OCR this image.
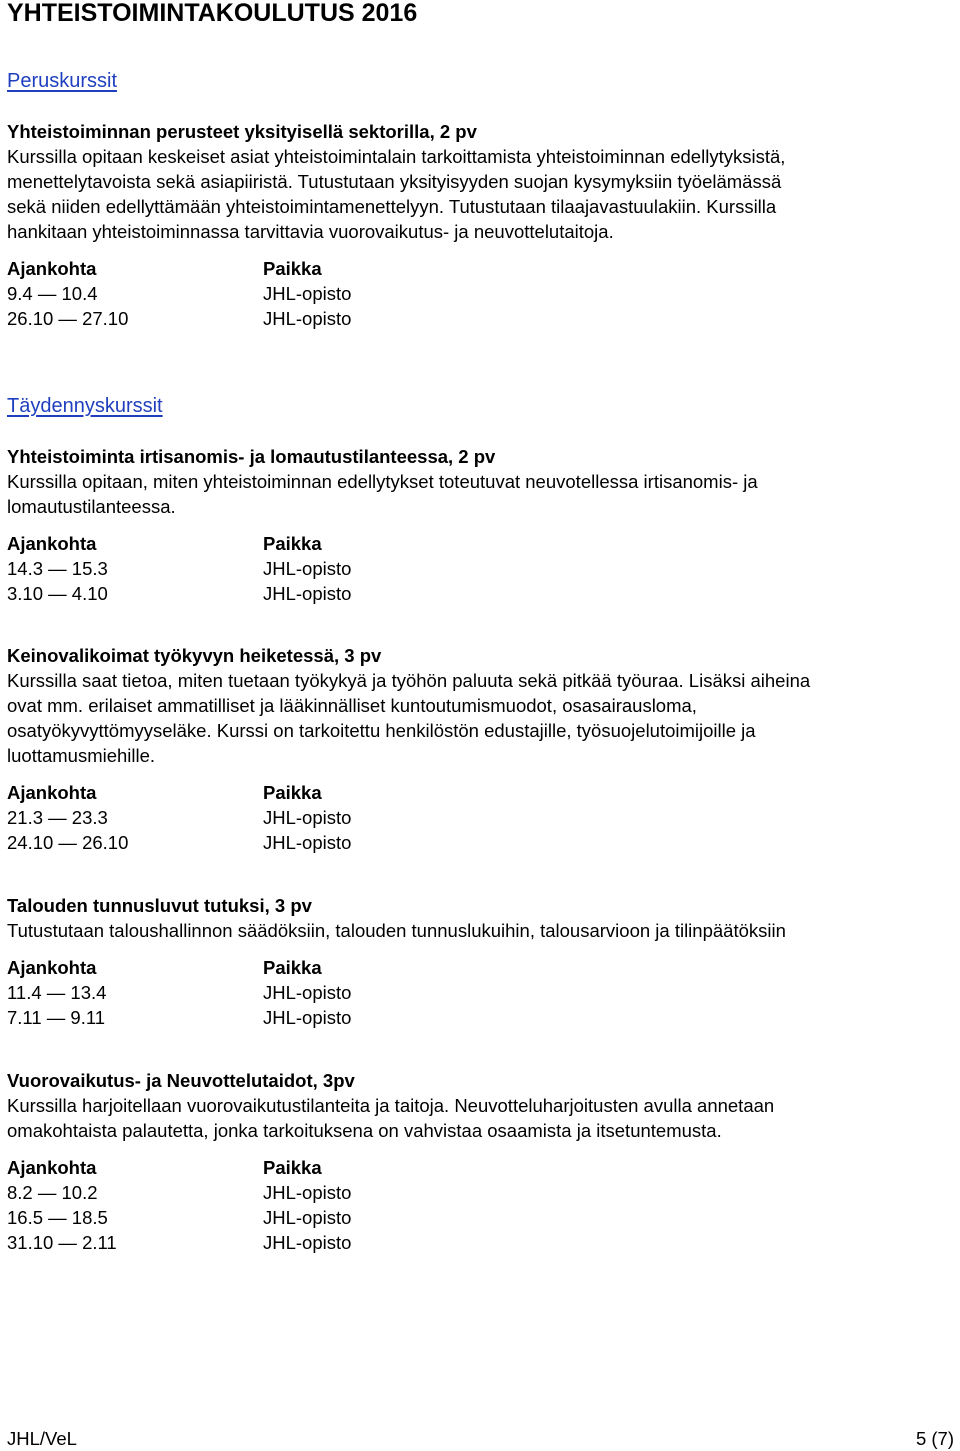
YHTEISTOIMINTAKOULUTUS 2016
Peruskurssit

Yhteistoiminnan perusteet yksityisellä sektorilla, 2 pv

Kurssilla opitaan keskeiset asiat yhteistoimintalain tarkoittamista yhteistoiminnan edellytyksistä,

menettelytavoista sekä asiapiiristä. Tutustutaan yksityisyyden suojan kysymyksiin työelämässä

sekä niiden edellyttämään yhteistoimintamenettelyyn. Tutustutaan tilaajavastuulakiin. Kurssilla

hankitaan yhteistoiminnassa tarvittavia vuorovaikutus- ja neuvottelutaitoja.

Ajankohta	Paikka
9.4 — 10.4	JHL-opisto
26.10 — 27.10	JHL-opisto
Täydennyskurssit

Yhteistoiminta irtisanomis- ja lomautustilanteessa, 2 pv

Kurssilla opitaan, miten yhteistoiminnan edellytykset toteutuvat neuvotellessa irtisanomis- ja

lomautustilanteessa.

Ajankohta	Paikka
14.3 — 15.3	JHL-opisto
3.10 — 4.10	JHL-opisto

Keinovalikoimat työkyvyn heiketessä, 3 pv

Kurssilla saat tietoa, miten tuetaan työkykyä ja työhön paluuta sekä pitkää työuraa. Lisäksi aiheina

ovat mm. erilaiset ammatilliset ja lääkinnälliset kuntoutumismuodot, osasairausloma,

osatyökyvyttömyyseläke. Kurssi on tarkoitettu henkilöstön edustajille, työsuojelutoimijoille ja

luottamusmiehille.

Ajankohta	Paikka
21.3 — 23.3	JHL-opisto
24.10 — 26.10	JHL-opisto

Talouden tunnusluvut tutuksi, 3 pv

Tutustutaan taloushallinnon säädöksiin, talouden tunnuslukuihin, talousarvioon ja tilinpäätöksiin

Ajankohta	Paikka
11.4 — 13.4	JHL-opisto
7.11 — 9.11	JHL-opisto

Vuorovaikutus- ja Neuvottelutaidot, 3pv

Kurssilla harjoitellaan vuorovaikutustilanteita ja taitoja. Neuvotteluharjoitusten avulla annetaan

omakohtaista palautetta, jonka tarkoituksena on vahvistaa osaamista ja itsetuntemusta.

Ajankohta	Paikka
8.2 — 10.2	JHL-opisto
16.5 — 18.5	JHL-opisto
31.10 — 2.11	JHL-opisto
JHL/VeL	5 (7)
